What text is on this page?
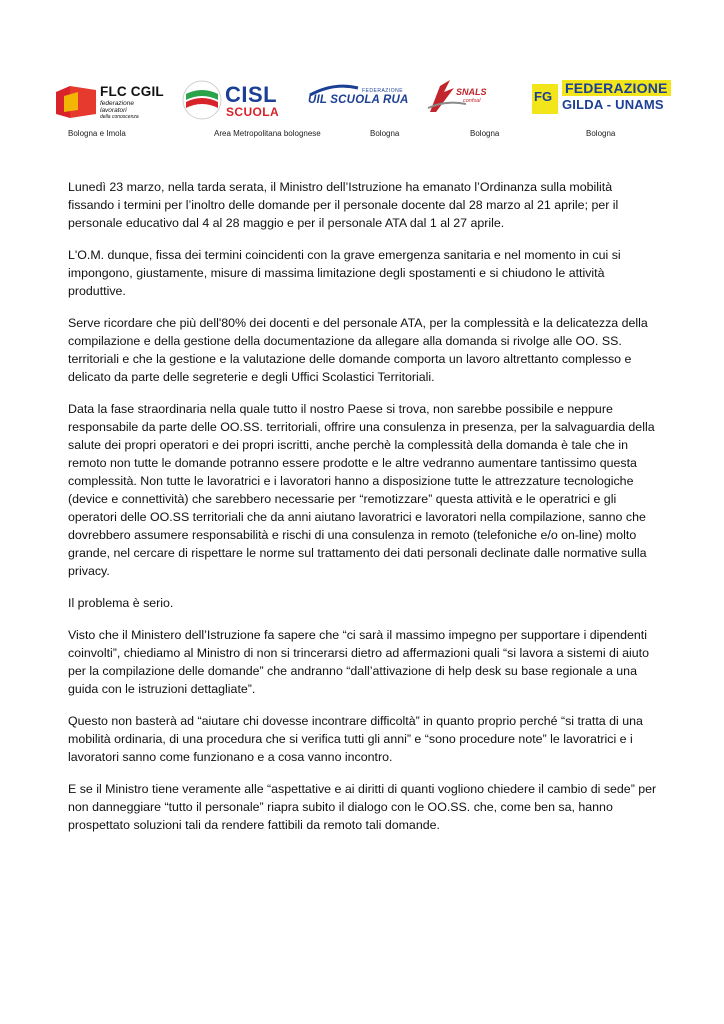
FLC CGIL
federazione
lavoratori
della conoscenza
CISL
SCUOLA
FEDERAZIONE
UIL SCUOLA RUA
SNALS
confsal	FG
FEDERAZIONE
GILDA - UNAMS
Bologna e Imola	Area Metropolitana bolognese	Bologna	Bologna	Bologna

Lunedì 23 marzo, nella tarda serata, il Ministro dell’Istruzione ha emanato l’Ordinanza sulla mobilità fissando i termini per l’inoltro delle domande per il personale docente dal 28 marzo al 21 aprile; per il personale educativo dal 4 al 28 maggio e per il personale ATA dal 1 al 27 aprile.

L'O.M. dunque, fissa dei termini coincidenti con la grave emergenza sanitaria e nel momento in cui si impongono, giustamente, misure di massima limitazione degli spostamenti e si chiudono le attività produttive.

Serve ricordare che più dell'80% dei docenti e del personale ATA, per la complessità e la delicatezza della compilazione e della gestione della documentazione da allegare alla domanda si rivolge alle OO. SS. territoriali e che la gestione e la valutazione delle domande comporta un lavoro altrettanto complesso e delicato da parte delle segreterie e degli Uffici Scolastici Territoriali.

Data la fase straordinaria nella quale tutto il nostro Paese si trova, non sarebbe possibile e neppure responsabile da parte delle OO.SS. territoriali, offrire una consulenza in presenza, per la salvaguardia della salute dei propri operatori e dei propri iscritti, anche perchè la complessità della domanda è tale che in remoto non tutte le domande potranno essere prodotte e le altre vedranno aumentare tantissimo questa complessità. Non tutte le lavoratrici e i lavoratori hanno a disposizione tutte le attrezzature tecnologiche (device e connettività) che sarebbero necessarie per “remotizzare” questa attività e le operatrici e gli operatori delle OO.SS territoriali che da anni aiutano lavoratrici e lavoratori nella compilazione, sanno che dovrebbero assumere responsabilità e rischi di una consulenza in remoto (telefoniche e/o on-line) molto grande, nel cercare di rispettare le norme sul trattamento dei dati personali declinate dalle normative sulla privacy.

Il problema è serio.

Visto che il Ministero dell’Istruzione fa sapere che “ci sarà il massimo impegno per supportare i dipendenti coinvolti”, chiediamo al Ministro di non si trincerarsi dietro ad affermazioni quali “si lavora a sistemi di aiuto per la compilazione delle domande” che andranno “dall’attivazione di help desk su base regionale a una guida con le istruzioni dettagliate”.

Questo non basterà ad “aiutare chi dovesse incontrare difficoltà” in quanto proprio perché “si tratta di una mobilità ordinaria, di una procedura che si verifica tutti gli anni” e “sono procedure note” le lavoratrici e i lavoratori sanno come funzionano e a cosa vanno incontro.

E se il Ministro tiene veramente alle “aspettative e ai diritti di quanti vogliono chiedere il cambio di sede” per non danneggiare “tutto il personale” riapra subito il dialogo con le OO.SS. che, come ben sa, hanno prospettato soluzioni tali da rendere fattibili da remoto tali domande.
